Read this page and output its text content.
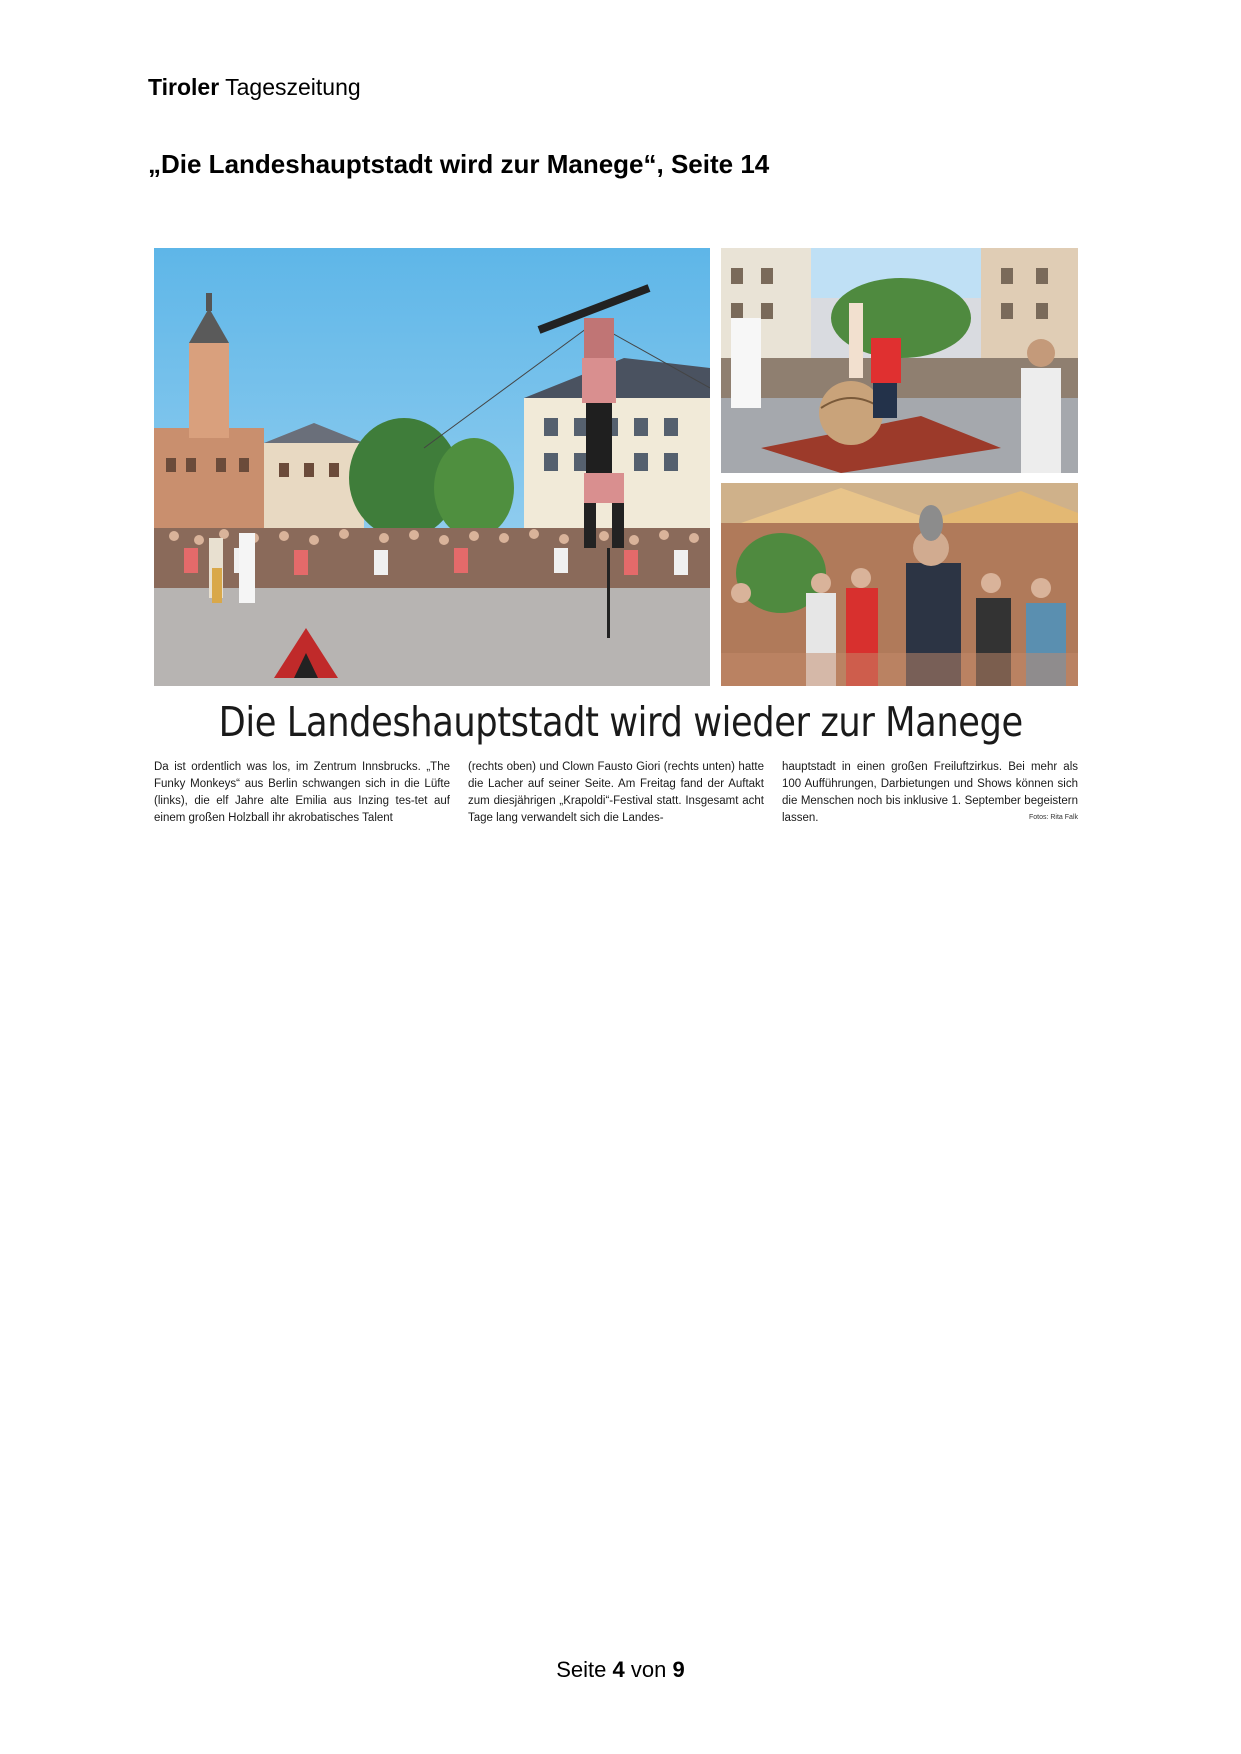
Tiroler Tageszeitung
„Die Landeshauptstadt wird zur Manege“, Seite 14
Die Landeshauptstadt wird wieder zur Manege
Da ist ordentlich was los, im Zentrum Innsbrucks. „The Funky Monkeys“ aus Berlin schwangen sich in die Lüfte (links), die elf Jahre alte Emilia aus Inzing tes-tet auf einem großen Holzball ihr akrobatisches Talent
(rechts oben) und Clown Fausto Giori (rechts unten) hatte die Lacher auf seiner Seite. Am Freitag fand der Auftakt zum diesjährigen „Krapoldi“-Festival statt. Insgesamt acht Tage lang verwandelt sich die Landes-
hauptstadt in einen großen Freiluftzirkus. Bei mehr als 100 Aufführungen, Darbietungen und Shows können sich die Menschen noch bis inklusive 1. September begeistern lassen.	Fotos: Rita Falk
Seite 4 von 9
